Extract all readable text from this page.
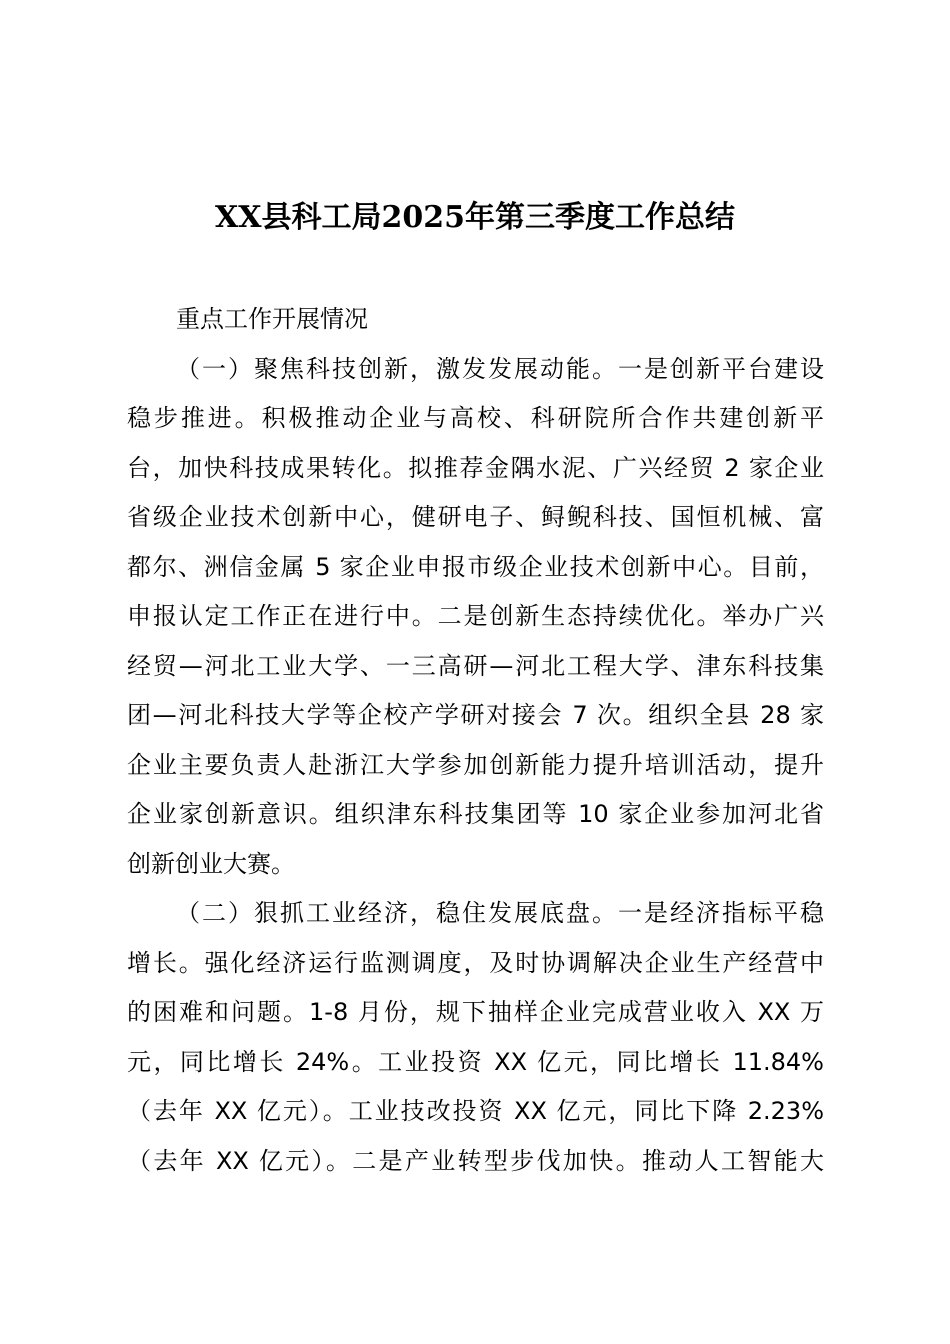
XX县科工局2025年第三季度工作总结

重点工作开展情况

（一）聚焦科技创新，激发发展动能。一是创新平台建设
稳步推进。积极推动企业与高校、科研院所合作共建创新平
台，加快科技成果转化。拟推荐金隅水泥、广兴经贸 2 家企业
省级企业技术创新中心，健研电子、鲟鲵科技、国恒机械、富
都尔、洲信金属 5 家企业申报市级企业技术创新中心。目前，
申报认定工作正在进行中。二是创新生态持续优化。举办广兴
经贸—河北工业大学、一三高研—河北工程大学、津东科技集
团—河北科技大学等企校产学研对接会 7 次。组织全县 28 家
企业主要负责人赴浙江大学参加创新能力提升培训活动，提升
企业家创新意识。组织津东科技集团等 10 家企业参加河北省
创新创业大赛。

（二）狠抓工业经济，稳住发展底盘。一是经济指标平稳
增长。强化经济运行监测调度，及时协调解决企业生产经营中
的困难和问题。1-8 月份，规下抽样企业完成营业收入 XX 万
元，同比增长 24%。工业投资 XX 亿元，同比增长 11.84%
（去年 XX 亿元）。工业技改投资 XX 亿元，同比下降 2.23%
（去年 XX 亿元）。二是产业转型步伐加快。推动人工智能大
